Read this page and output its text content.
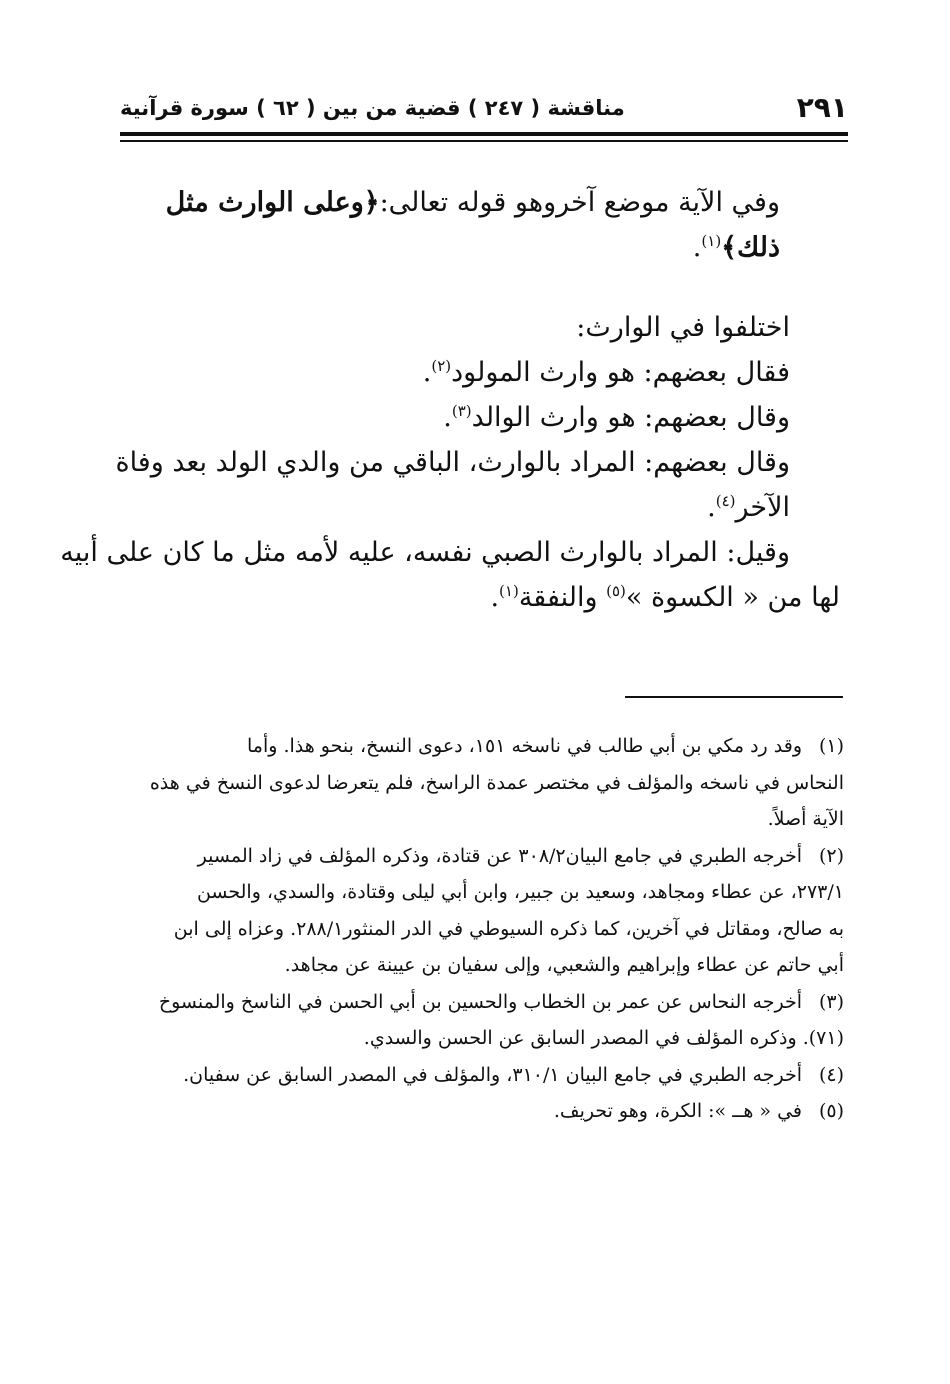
٢٩١
مناقشة ( ٢٤٧ ) قضية من بين ( ٦٢ ) سورة قرآنية
وفي الآية موضع آخروهو قوله تعالى:﴿وعلى الوارث مثل ذلك﴾$^{(١)}$.
اختلفوا في الوارث:
فقال بعضهم: هو وارث المولود$^{(٢)}$.
وقال بعضهم: هو وارث الوالد$^{(٣)}$.
وقال بعضهم: المراد بالوارث، الباقي من والدي الولد بعد وفاة
الآخر$^{(٤)}$.
وقيل: المراد بالوارث الصبي نفسه، عليه لأمه مثل ما كان على أبيه
لها من « الكسوة »$^{(٥)}$ والنفقة$^{(١)}$.
(١)وقد رد مكي بن أبي طالب في ناسخه ١٥١، دعوى النسخ، بنحو هذا. وأما
النحاس في ناسخه والمؤلف في مختصر عمدة الراسخ، فلم يتعرضا لدعوى النسخ في هذه
الآية أصلاً.
(٢)أخرجه الطبري في جامع البيان٣٠٨/٢ عن قتادة، وذكره المؤلف في زاد المسير
٢٧٣/١، عن عطاء ومجاهد، وسعيد بن جبير، وابن أبي ليلى وقتادة، والسدي، والحسن
به صالح، ومقاتل في آخرين، كما ذكره السيوطي في الدر المنثور٢٨٨/١. وعزاه إلى ابن
أبي حاتم عن عطاء وإبراهيم والشعبي، وإلى سفيان بن عيينة عن مجاهد.
(٣)أخرجه النحاس عن عمر بن الخطاب والحسين بن أبي الحسن في الناسخ والمنسوخ
(٧١). وذكره المؤلف في المصدر السابق عن الحسن والسدي.
(٤)أخرجه الطبري في جامع البيان ٣١٠/١، والمؤلف في المصدر السابق عن سفيان.
(٥)في « هــ »: الكرة، وهو تحريف.
